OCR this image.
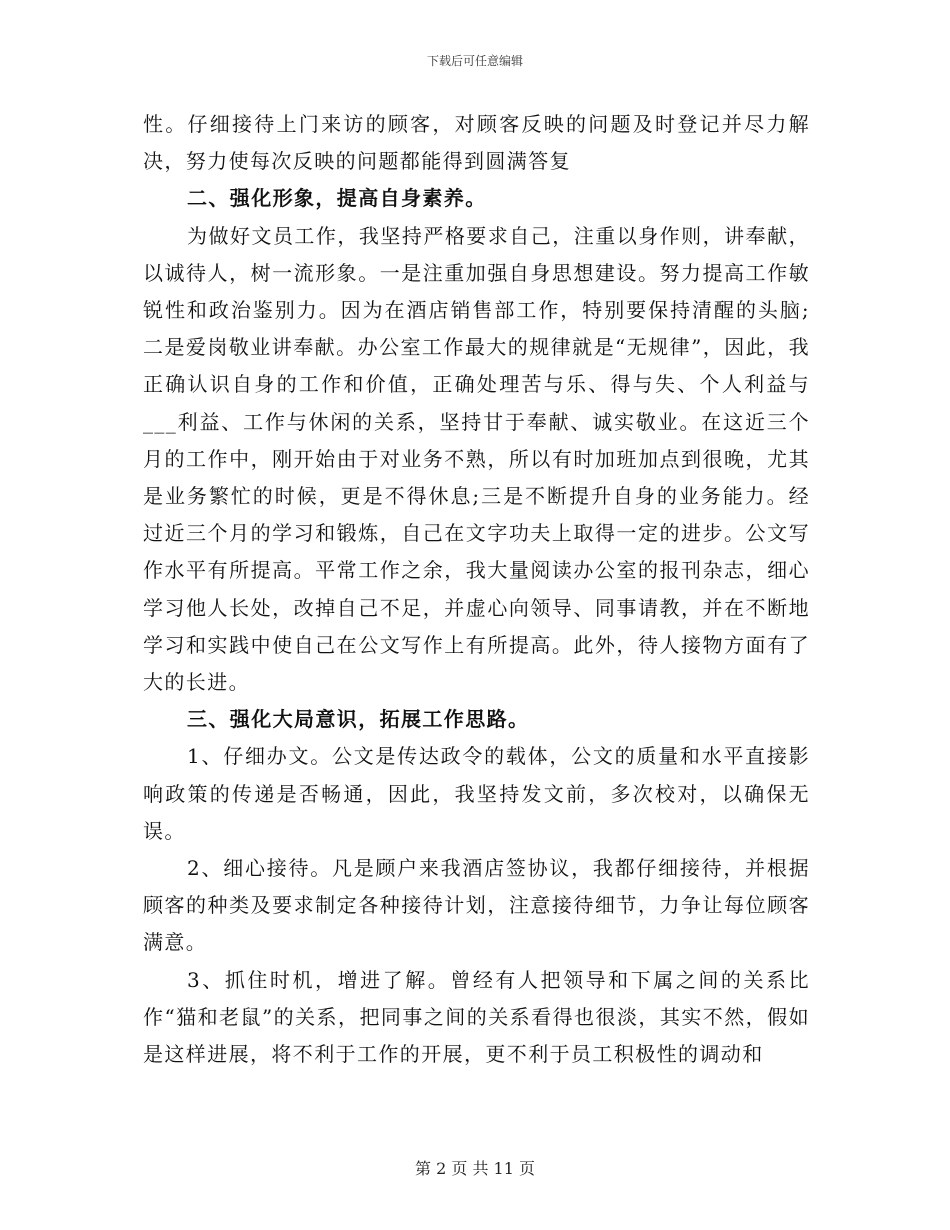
下载后可任意编辑

性。仔细接待上门来访的顾客，对顾客反映的问题及时登记并尽力解决，努力使每次反映的问题都能得到圆满答复

二、强化形象，提高自身素养。

为做好文员工作，我坚持严格要求自己，注重以身作则，讲奉献，以诚待人，树一流形象。一是注重加强自身思想建设。努力提高工作敏锐性和政治鉴别力。因为在酒店销售部工作，特别要保持清醒的头脑;二是爱岗敬业讲奉献。办公室工作最大的规律就是“无规律”，因此，我正确认识自身的工作和价值，正确处理苦与乐、得与失、个人利益与___利益、工作与休闲的关系，坚持甘于奉献、诚实敬业。在这近三个月的工作中，刚开始由于对业务不熟，所以有时加班加点到很晚，尤其是业务繁忙的时候，更是不得休息;三是不断提升自身的业务能力。经过近三个月的学习和锻炼，自己在文字功夫上取得一定的进步。公文写作水平有所提高。平常工作之余，我大量阅读办公室的报刊杂志，细心学习他人长处，改掉自己不足，并虚心向领导、同事请教，并在不断地学习和实践中使自己在公文写作上有所提高。此外，待人接物方面有了大的长进。

三、强化大局意识，拓展工作思路。

1、仔细办文。公文是传达政令的载体，公文的质量和水平直接影响政策的传递是否畅通，因此，我坚持发文前，多次校对，以确保无误。

2、细心接待。凡是顾户来我酒店签协议，我都仔细接待，并根据顾客的种类及要求制定各种接待计划，注意接待细节，力争让每位顾客满意。

3、抓住时机，增进了解。曾经有人把领导和下属之间的关系比作“猫和老鼠”的关系，把同事之间的关系看得也很淡，其实不然，假如是这样进展，将不利于工作的开展，更不利于员工积极性的调动和

第 2 页 共 11 页
